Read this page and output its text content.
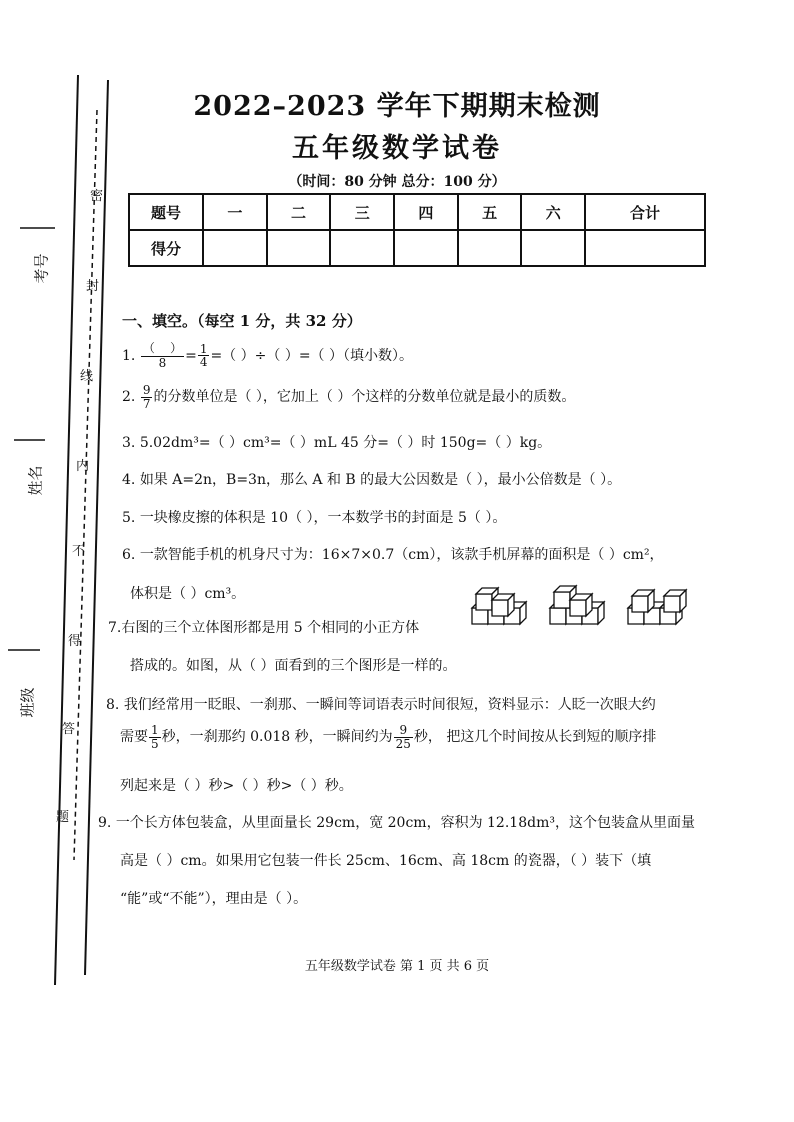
考号
姓名
班级
密
封
线
内
不
得
答
题
2022–2023 学年下期期末检测
五年级数学试卷
（时间：80 分钟 总分：100 分）
题号	一	二	三	四	五	六	合计
得分							
一、填空。（每空 1 分，共 32 分）
1. $\frac{( )}{8} = \frac{1}{4}$ =（ ）÷（ ）=（ ）（填小数）。
2. $\frac{9}{7}$ 的分数单位是（ ），它加上（ ）个这样的分数单位就是最小的质数。
3. 5.02dm³=（ ）cm³=（ ）mL 45 分=（ ）时 150g=（ ）kg。
4. 如果 A=2n，B=3n，那么 A 和 B 的最大公因数是（ ），最小公倍数是（ ）。
5. 一块橡皮擦的体积是 10（ ），一本数学书的封面是 5（ ）。
6. 一款智能手机的机身尺寸为：16×7×0.7（cm），该款手机屏幕的面积是（ ）cm²，
体积是（ ）cm³。
7.右图的三个立体图形都是用 5 个相同的小正方体
搭成的。如图，从（ ）面看到的三个图形是一样的。
8. 我们经常用一眨眼、一刹那、一瞬间等词语表示时间很短，资料显示：人眨一次眼大约
需要 $\frac{1}{5}$ 秒，一刹那约 0.018 秒，一瞬间约为 $\frac{9}{25}$ 秒， 把这几个时间按从长到短的顺序排
列起来是（ ）秒>（ ）秒>（ ）秒。
9. 一个长方体包装盒，从里面量长 29cm，宽 20cm，容积为 12.18dm³，这个包装盒从里面量
高是（ ）cm。如果用它包装一件长 25cm、16cm、高 18cm 的瓷器，（ ）装下（填
“能”或“不能”），理由是（ ）。
五年级数学试卷 第 1 页 共 6 页
